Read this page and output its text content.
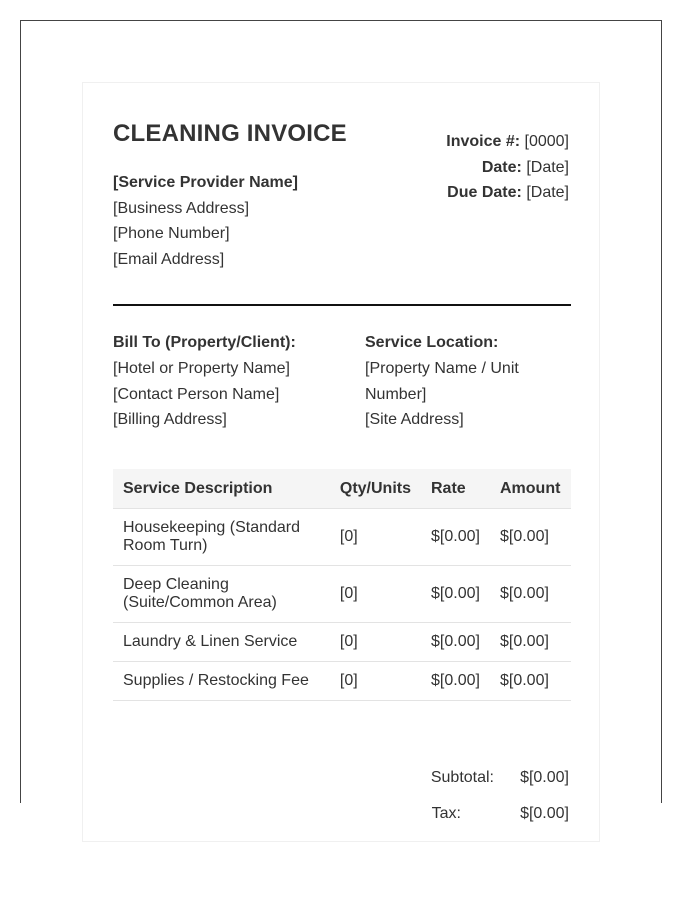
CLEANING INVOICE
[Service Provider Name]
[Business Address]
[Phone Number]
[Email Address]
Invoice #: [0000]
Date: [Date]
Due Date: [Date]
Bill To (Property/Client):
[Hotel or Property Name]
[Contact Person Name]
[Billing Address]
Service Location:
[Property Name / Unit Number]
[Site Address]
Service Description	Qty/Units	Rate	Amount
Housekeeping (Standard Room Turn)	[0]	$[0.00]	$[0.00]
Deep Cleaning (Suite/Common Area)	[0]	$[0.00]	$[0.00]
Laundry & Linen Service	[0]	$[0.00]	$[0.00]
Supplies / Restocking Fee	[0]	$[0.00]	$[0.00]
Subtotal: $[0.00]
Tax:	$[0.00]
